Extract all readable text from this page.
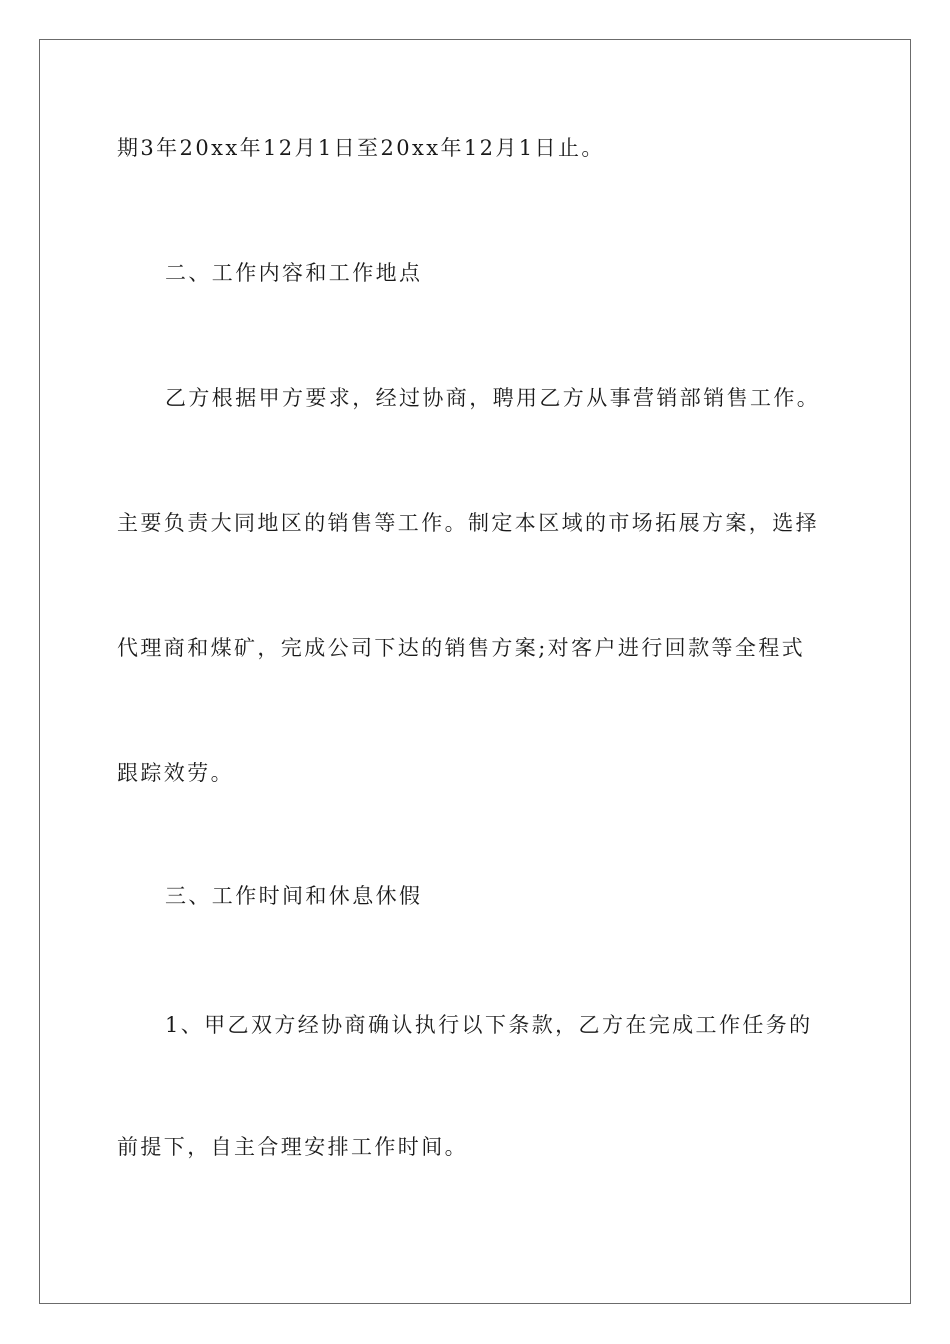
期3年20xx年12月1日至20xx年12月1日止。
二、工作内容和工作地点
乙方根据甲方要求，经过协商，聘用乙方从事营销部销售工作。
主要负责大同地区的销售等工作。制定本区域的市场拓展方案，选择
代理商和煤矿，完成公司下达的销售方案;对客户进行回款等全程式
跟踪效劳。
三、工作时间和休息休假
1、甲乙双方经协商确认执行以下条款，乙方在完成工作任务的
前提下，自主合理安排工作时间。
